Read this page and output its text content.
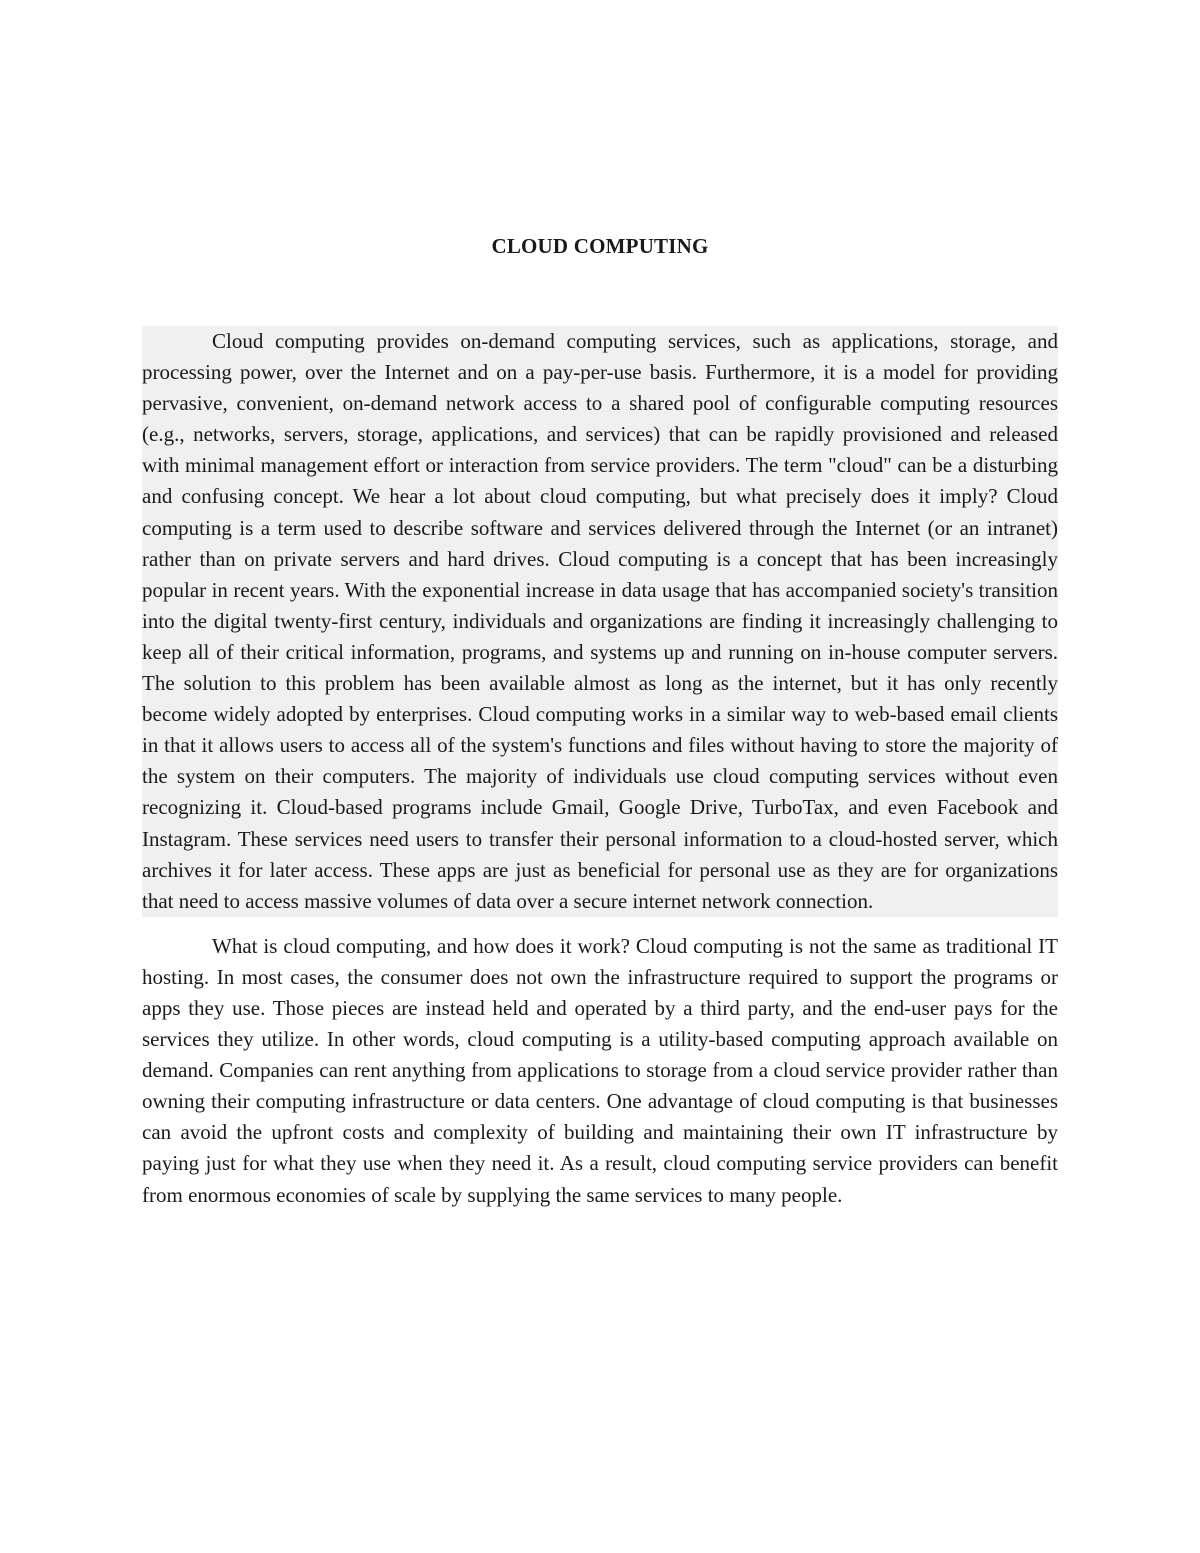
CLOUD COMPUTING

Cloud computing provides on-demand computing services, such as applications, storage, and processing power, over the Internet and on a pay-per-use basis. Furthermore, it is a model for providing pervasive, convenient, on-demand network access to a shared pool of configurable computing resources (e.g., networks, servers, storage, applications, and services) that can be rapidly provisioned and released with minimal management effort or interaction from service providers. The term "cloud" can be a disturbing and confusing concept. We hear a lot about cloud computing, but what precisely does it imply? Cloud computing is a term used to describe software and services delivered through the Internet (or an intranet) rather than on private servers and hard drives. Cloud computing is a concept that has been increasingly popular in recent years. With the exponential increase in data usage that has accompanied society's transition into the digital twenty-first century, individuals and organizations are finding it increasingly challenging to keep all of their critical information, programs, and systems up and running on in-house computer servers. The solution to this problem has been available almost as long as the internet, but it has only recently become widely adopted by enterprises. Cloud computing works in a similar way to web-based email clients in that it allows users to access all of the system's functions and files without having to store the majority of the system on their computers. The majority of individuals use cloud computing services without even recognizing it. Cloud-based programs include Gmail, Google Drive, TurboTax, and even Facebook and Instagram. These services need users to transfer their personal information to a cloud-hosted server, which archives it for later access. These apps are just as beneficial for personal use as they are for organizations that need to access massive volumes of data over a secure internet network connection.

What is cloud computing, and how does it work? Cloud computing is not the same as traditional IT hosting. In most cases, the consumer does not own the infrastructure required to support the programs or apps they use. Those pieces are instead held and operated by a third party, and the end-user pays for the services they utilize. In other words, cloud computing is a utility-based computing approach available on demand. Companies can rent anything from applications to storage from a cloud service provider rather than owning their computing infrastructure or data centers. One advantage of cloud computing is that businesses can avoid the upfront costs and complexity of building and maintaining their own IT infrastructure by paying just for what they use when they need it. As a result, cloud computing service providers can benefit from enormous economies of scale by supplying the same services to many people.
